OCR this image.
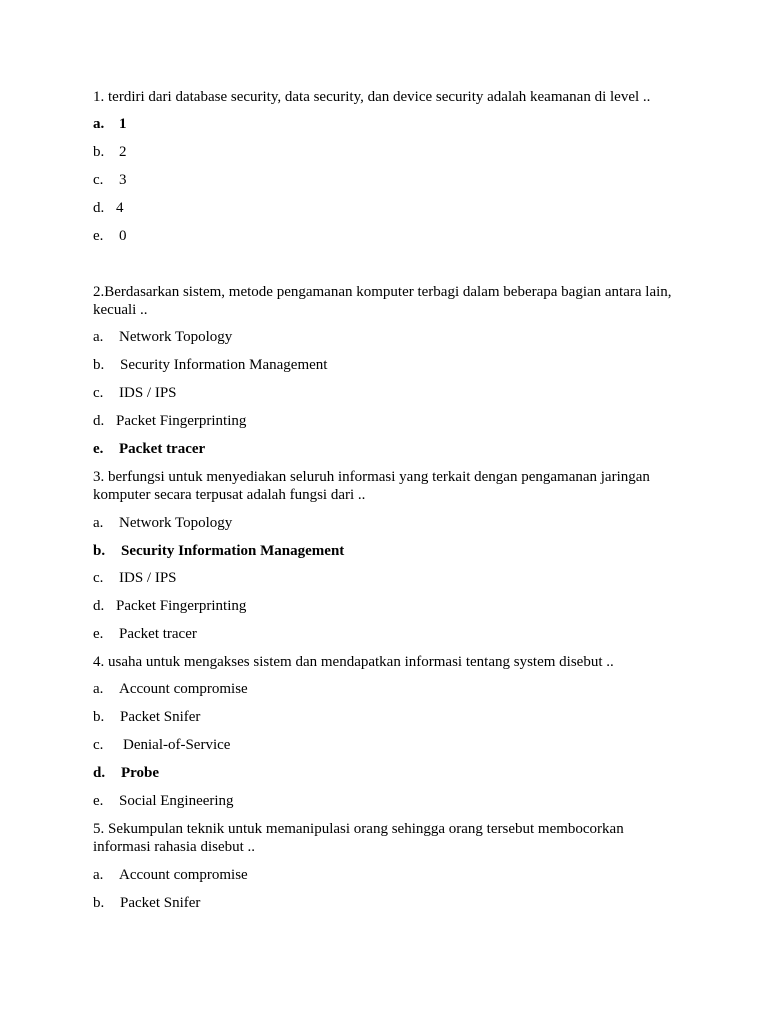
1. terdiri dari database security, data security, dan device security adalah keamanan di level ..

a. 1
b. 2
c. 3
d. 4
e. 0

2.Berdasarkan sistem, metode pengamanan komputer terbagi dalam beberapa bagian antara lain, kecuali ..

a. Network Topology
b. Security Information Management
c. IDS / IPS
d. Packet Fingerprinting
e. Packet tracer

3. berfungsi untuk menyediakan seluruh informasi yang terkait dengan pengamanan jaringan komputer secara terpusat adalah fungsi dari ..

a. Network Topology
b. Security Information Management
c. IDS / IPS
d. Packet Fingerprinting
e. Packet tracer

4. usaha untuk mengakses sistem dan mendapatkan informasi tentang system disebut ..

a. Account compromise
b. Packet Snifer
c. Denial-of-Service
d. Probe
e. Social Engineering

5. Sekumpulan teknik untuk memanipulasi orang sehingga orang tersebut membocorkan informasi rahasia disebut ..

a. Account compromise
b. Packet Snifer
